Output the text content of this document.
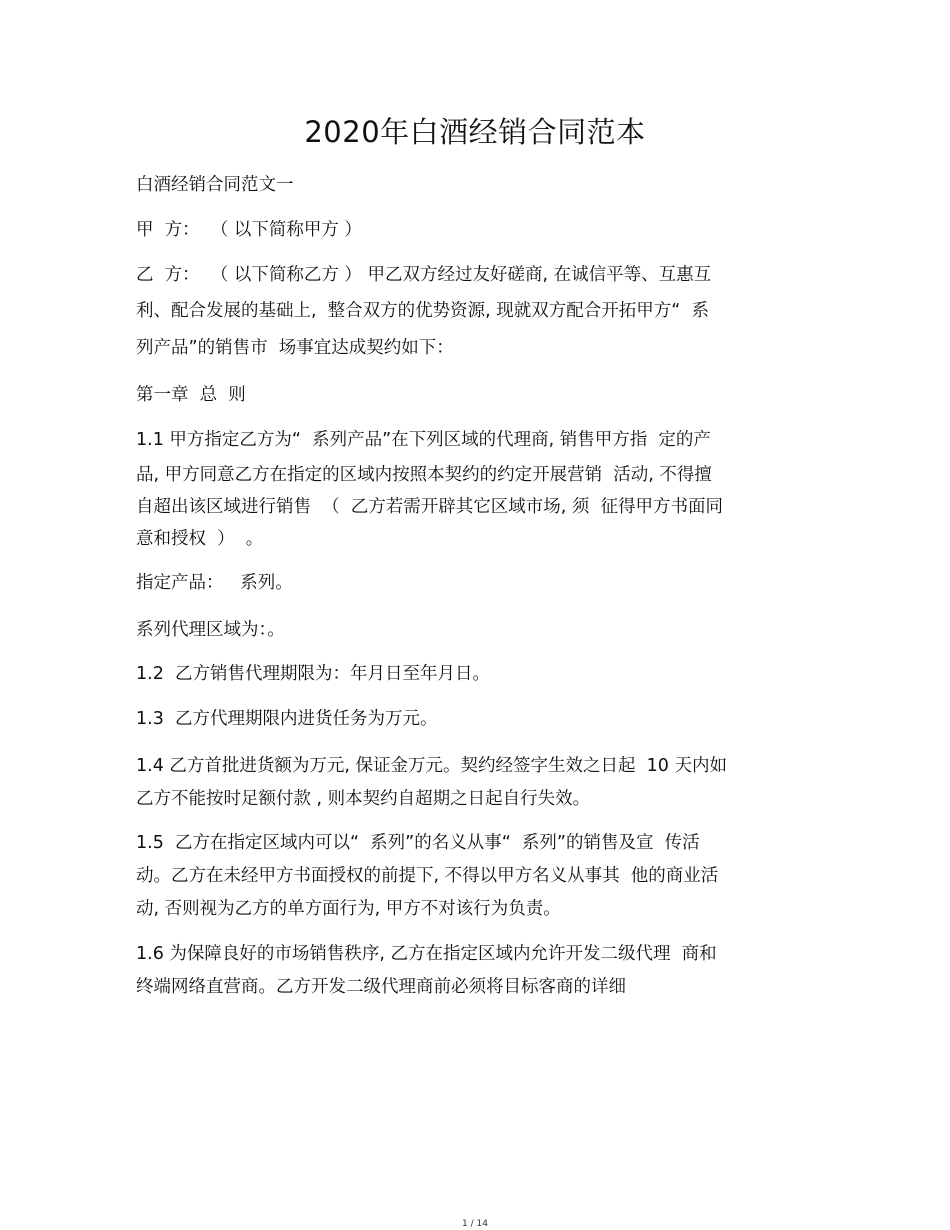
2020年白酒经销合同范本

白酒经销合同范文一

甲  方：  （ 以下简称甲方 ）

乙  方：  （ 以下简称乙方 ） 甲乙双方经过友好磋商, 在诚信平等、互惠互

利、配合发展的基础上,  整合双方的优势资源, 现就双方配合开拓甲方“  系

列产品”的销售市  场事宜达成契约如下：

第一章  总  则

1.1 甲方指定乙方为“  系列产品”在下列区域的代理商, 销售甲方指  定的产

品, 甲方同意乙方在指定的区域内按照本契约的约定开展营销  活动, 不得擅

自超出该区域进行销售  （  乙方若需开辟其它区域市场, 须  征得甲方书面同

意和授权  ）  。

指定产品：   系列。

系列代理区域为：。

1.2  乙方销售代理期限为：年月日至年月日。

1.3  乙方代理期限内进货任务为万元。

1.4 乙方首批进货额为万元, 保证金万元。契约经签字生效之日起  10 天内如

乙方不能按时足额付款 , 则本契约自超期之日起自行失效。

1.5  乙方在指定区域内可以“  系列”的名义从事“  系列”的销售及宣  传活

动。乙方在未经甲方书面授权的前提下, 不得以甲方名义从事其  他的商业活

动, 否则视为乙方的单方面行为, 甲方不对该行为负责。

1.6 为保障良好的市场销售秩序, 乙方在指定区域内允许开发二级代理  商和

终端网络直营商。乙方开发二级代理商前必须将目标客商的详细

1 / 14
